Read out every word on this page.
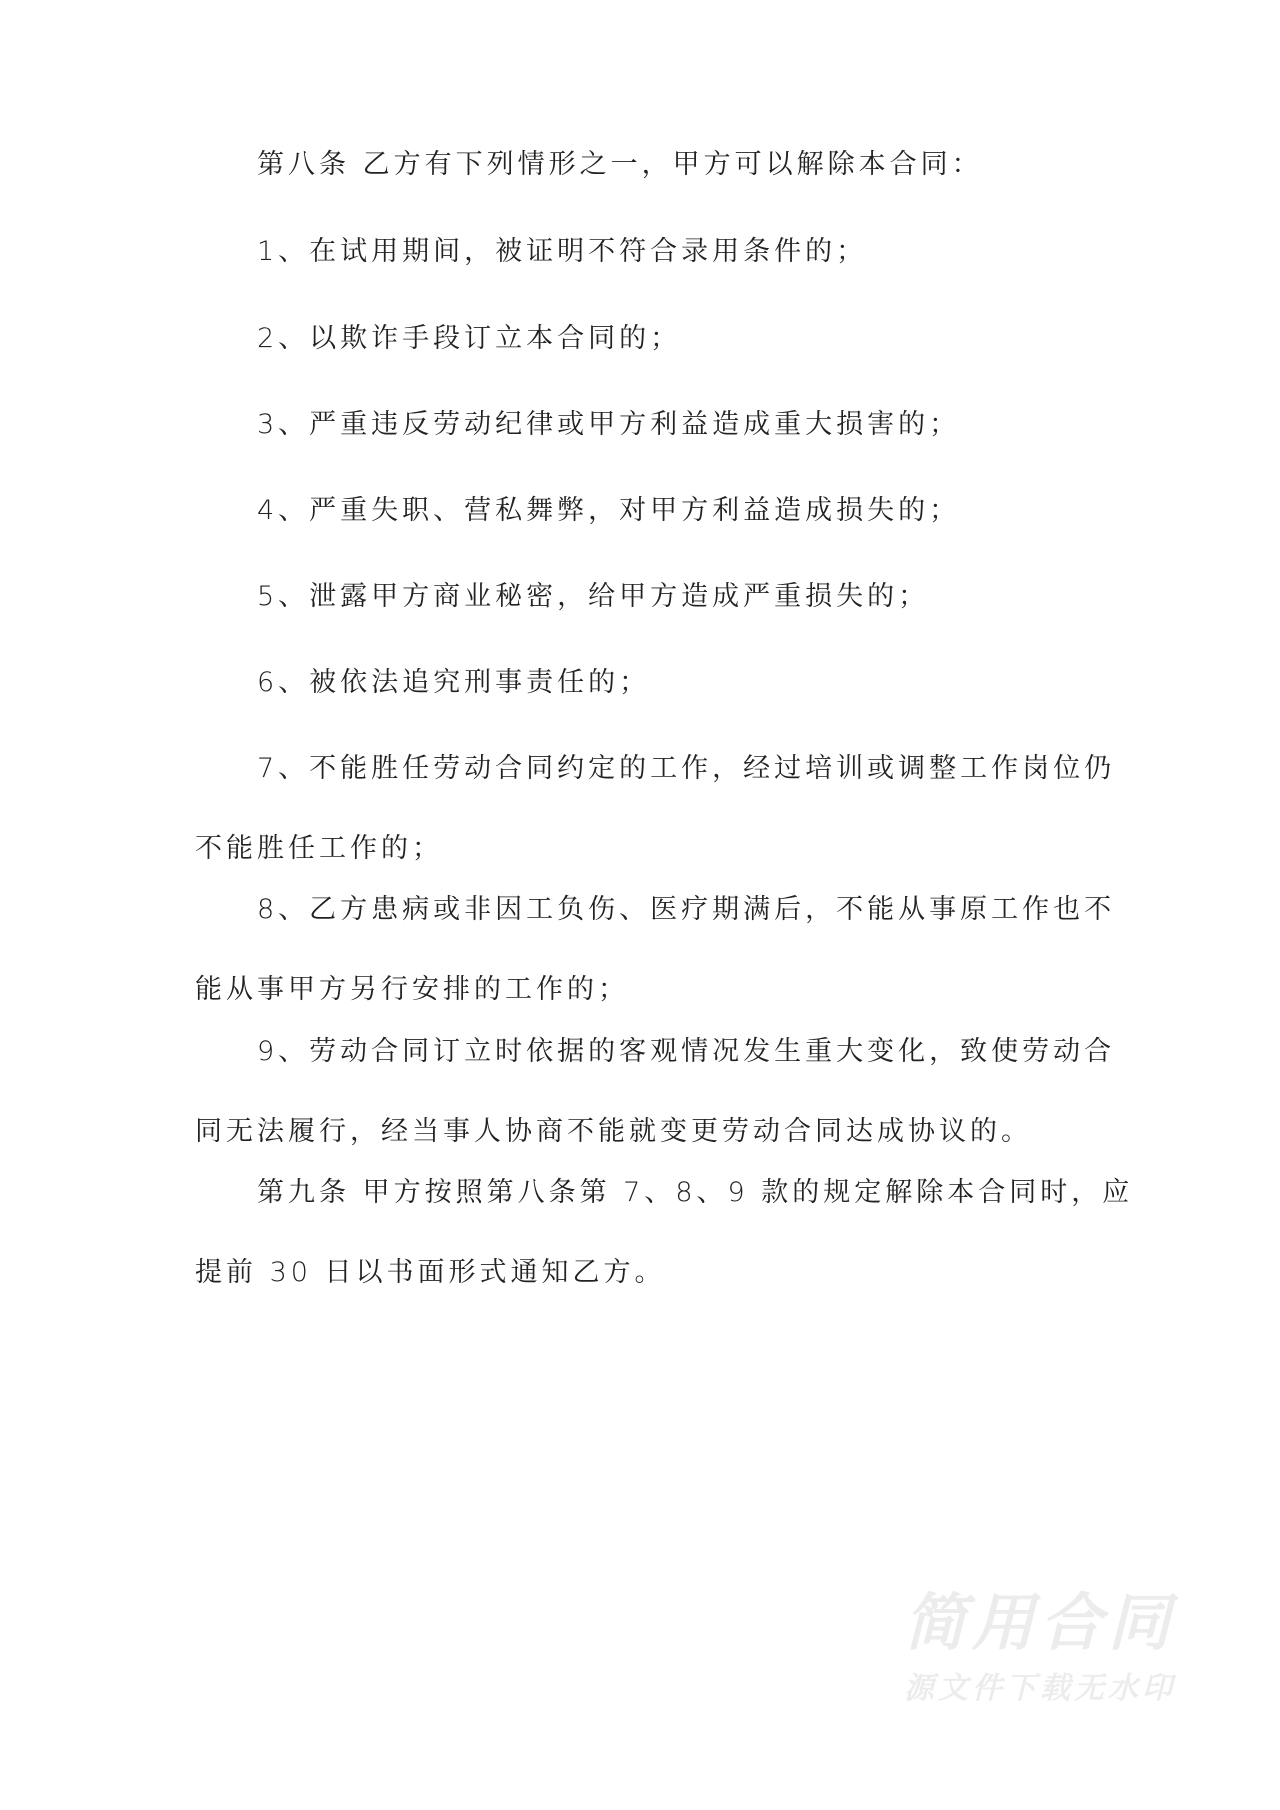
第八条 乙方有下列情形之一，甲方可以解除本合同：
1、在试用期间，被证明不符合录用条件的；
2、以欺诈手段订立本合同的；
3、严重违反劳动纪律或甲方利益造成重大损害的；
4、严重失职、营私舞弊，对甲方利益造成损失的；
5、泄露甲方商业秘密，给甲方造成严重损失的；
6、被依法追究刑事责任的；
7、不能胜任劳动合同约定的工作，经过培训或调整工作岗位仍
不能胜任工作的；
8、乙方患病或非因工负伤、医疗期满后，不能从事原工作也不
能从事甲方另行安排的工作的；
9、劳动合同订立时依据的客观情况发生重大变化，致使劳动合
同无法履行，经当事人协商不能就变更劳动合同达成协议的。
第九条 甲方按照第八条第 7、8、9 款的规定解除本合同时，应
提前 30 日以书面形式通知乙方。
简用合同
源文件下载无水印
